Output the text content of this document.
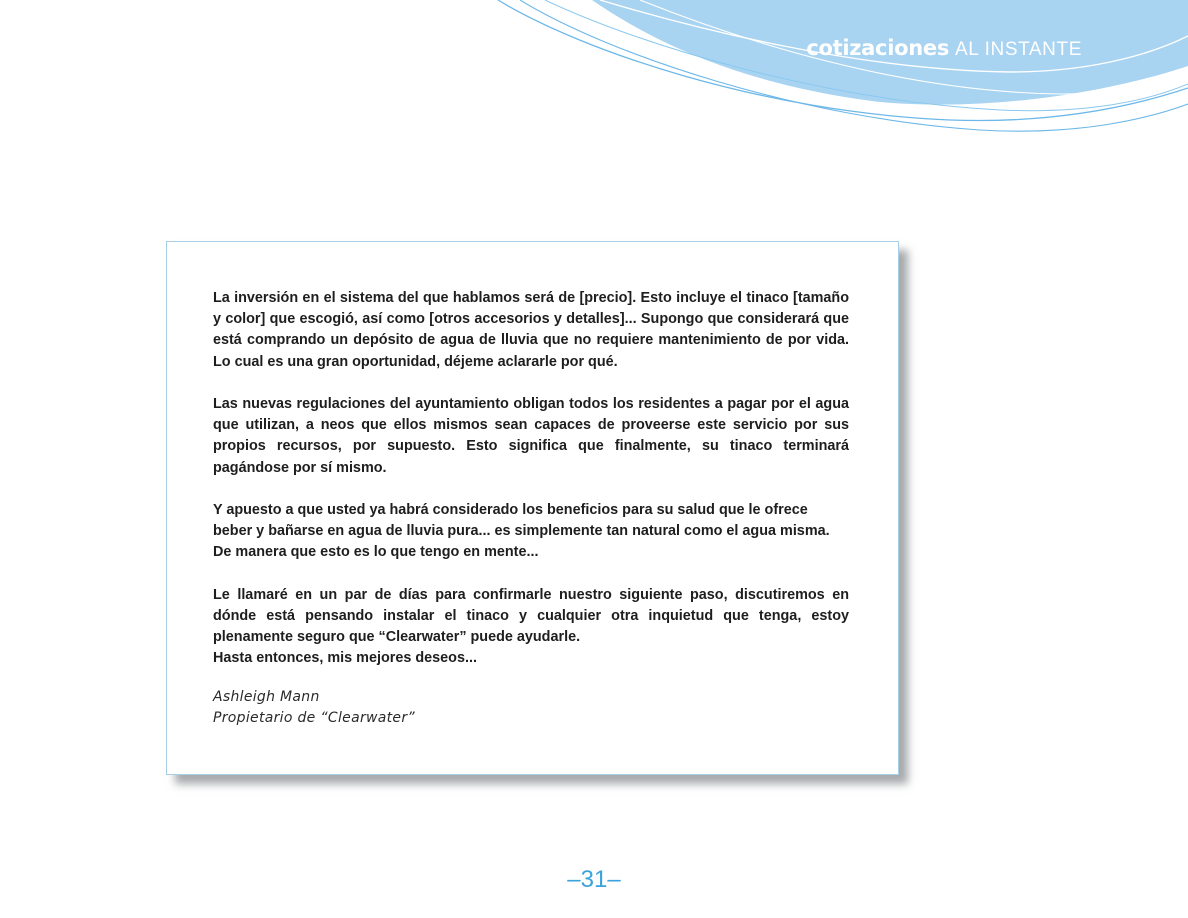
cotizaciones AL INSTANTE

La inversión en el sistema del que hablamos será de [precio]. Esto incluye el tinaco [tamaño y color] que escogió, así como [otros accesorios y detalles]... Supongo que considerará que está comprando un depósito de agua de lluvia que no requiere mantenimiento de por vida. Lo cual es una gran oportunidad, déjeme aclararle por qué.

Las nuevas regulaciones del ayuntamiento obligan todos los residentes a pagar por el agua que utilizan, a neos que ellos mismos sean capaces de proveerse este servicio por sus propios recursos, por supuesto. Esto significa que finalmente, su tinaco terminará pagándose por sí mismo.

Y apuesto a que usted ya habrá considerado los beneficios para su salud que le ofrece beber y bañarse en agua de lluvia pura... es simplemente tan natural como el agua misma.
De manera que esto es lo que tengo en mente...

Le llamaré en un par de días para confirmarle nuestro siguiente paso, discutiremos en dónde está pensando instalar el tinaco y cualquier otra inquietud que tenga, estoy plenamente seguro que “Clearwater” puede ayudarle.
Hasta entonces, mis mejores deseos...

Ashleigh Mann
Propietario de “Clearwater”
–31–
